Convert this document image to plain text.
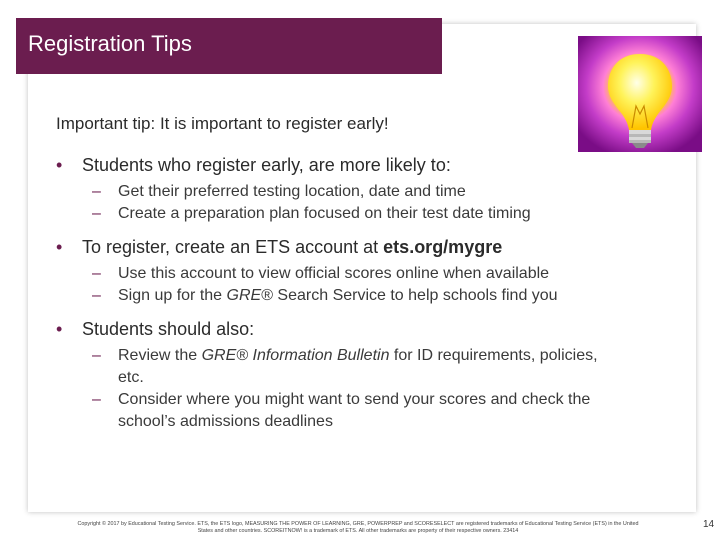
Registration Tips
Important tip: It is important to register early!
•	Students who register early, are more likely to:
–	Get their preferred testing location, date and time
–	Create a preparation plan focused on their test date timing
•	To register, create an ETS account at ets.org/mygre
–	Use this account to view official scores online when available
–	Sign up for the GRE® Search Service to help schools find you
•	Students should also:
–	Review the GRE® Information Bulletin for ID requirements, policies, etc.
–	Consider where you might want to send your scores and check the school’s admissions deadlines
Copyright © 2017 by Educational Testing Service. ETS, the ETS logo, MEASURING THE POWER OF LEARNING, GRE, POWERPREP and SCORESELECT are registered trademarks of Educational Testing Service (ETS) in the United States and other countries. SCOREITNOW! is a trademark of ETS. All other trademarks are property of their respective owners. 23414
14
